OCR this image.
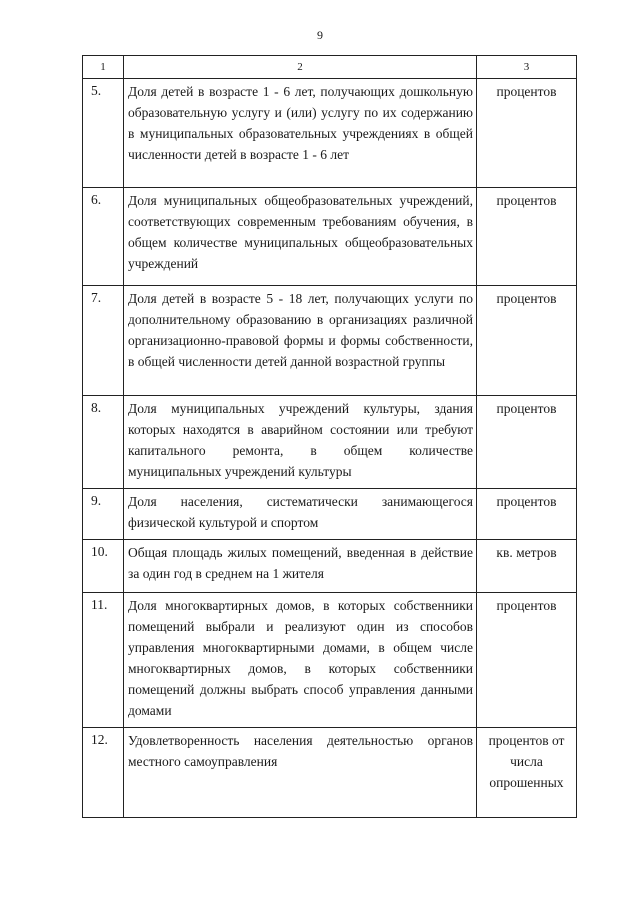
9
1	2	3
5.	Доля детей в возрасте 1 - 6 лет, получающих дошкольную образовательную услугу и (или) услугу по их содержанию в муниципальных образовательных учреждениях в общей численности детей в возрасте 1 - 6 лет	процентов
6.	Доля муниципальных общеобразовательных учреждений, соответствующих современным требованиям обучения, в общем количестве муниципальных общеобразовательных учреждений	процентов
7.	Доля детей в возрасте 5 - 18 лет, получающих услуги по дополнительному образованию в организациях различной организационно-правовой формы и формы собственности, в общей численности детей данной возрастной группы	процентов
8.	Доля муниципальных учреждений культуры, здания которых находятся в аварийном состоянии или требуют капитального ремонта, в общем количестве муниципальных учреждений культуры	процентов
9.	Доля населения, систематически занимающегося физической культурой и спортом	процентов
10.	Общая площадь жилых помещений, введенная в действие за один год в среднем на 1 жителя	кв. метров
11.	Доля многоквартирных домов, в которых собственники помещений выбрали и реализуют один из способов управления многоквартирными домами, в общем числе многоквартирных домов, в которых собственники помещений должны выбрать способ управления данными домами	процентов
12.	Удовлетворенность населения деятельностью органов местного самоуправления	процентов от числа опрошенных
